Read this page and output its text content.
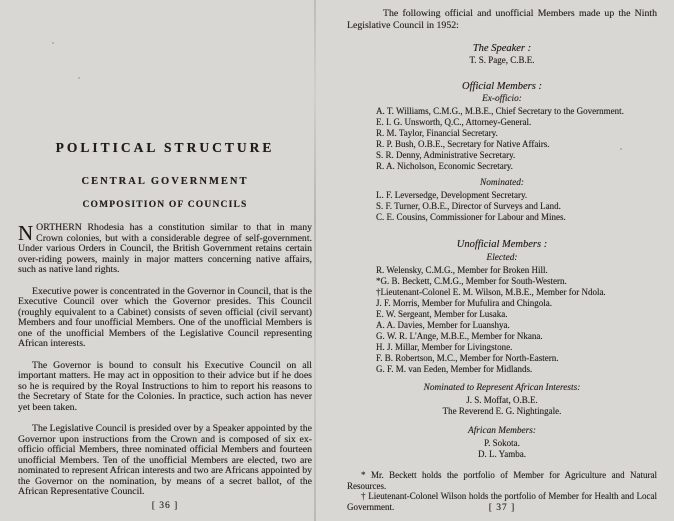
POLITICAL STRUCTURE
CENTRAL GOVERNMENT
COMPOSITION OF COUNCILS

NORTHERN Rhodesia has a constitution similar to that in many Crown colonies, but with a considerable degree of self-government. Under various Orders in Council, the British Government retains certain over-riding powers, mainly in major matters concerning native affairs, such as native land rights.

Executive power is concentrated in the Governor in Council, that is the Executive Council over which the Governor presides. This Council (roughly equivalent to a Cabinet) consists of seven official (civil servant) Members and four unofficial Members. One of the unofficial Members is one of the unofficial Members of the Legislative Council representing African interests.

The Governor is bound to consult his Executive Council on all important matters. He may act in opposition to their advice but if he does so he is required by the Royal Instructions to him to report his reasons to the Secretary of State for the Colonies. In practice, such action has never yet been taken.

The Legislative Council is presided over by a Speaker appointed by the Governor upon instructions from the Crown and is composed of six ex-officio official Members, three nominated official Members and fourteen unofficial Members. Ten of the unofficial Members are elected, two are nominated to represent African interests and two are Africans appointed by the Governor on the nomination, by means of a secret ballot, of the African Representative Council.

[ 36 ]

The following official and unofficial Members made up the Ninth Legislative Council in 1952:

The Speaker :
T. S. Page, C.B.E.
Official Members :
Ex-officio:
A. T. Williams, C.M.G., M.B.E., Chief Secretary to the Government.
E. I. G. Unsworth, Q.C., Attorney-General.
R. M. Taylor, Financial Secretary.
R. P. Bush, O.B.E., Secretary for Native Affairs.
S. R. Denny, Administrative Secretary.
R. A. Nicholson, Economic Secretary.
Nominated:
L. F. Leversedge, Development Secretary.
S. F. Turner, O.B.E., Director of Surveys and Land.
C. E. Cousins, Commissioner for Labour and Mines.
Unofficial Members :
Elected:
R. Welensky, C.M.G., Member for Broken Hill.
*G. B. Beckett, C.M.G., Member for South-Western.
†Lieutenant-Colonel E. M. Wilson, M.B.E., Member for Ndola.
J. F. Morris, Member for Mufulira and Chingola.
E. W. Sergeant, Member for Lusaka.
A. A. Davies, Member for Luanshya.
G. W. R. L'Ange, M.B.E., Member for Nkana.
H. J. Millar, Member for Livingstone.
F. B. Robertson, M.C., Member for North-Eastern.
G. F. M. van Eeden, Member for Midlands.
Nominated to Represent African Interests:
J. S. Moffat, O.B.E.
The Reverend E. G. Nightingale.
African Members:
P. Sokota.
D. L. Yamba.
* Mr. Beckett holds the portfolio of Member for Agriculture and Natural Resources.
† Lieutenant-Colonel Wilson holds the portfolio of Member for Health and Local Government.	[ 37 ]
